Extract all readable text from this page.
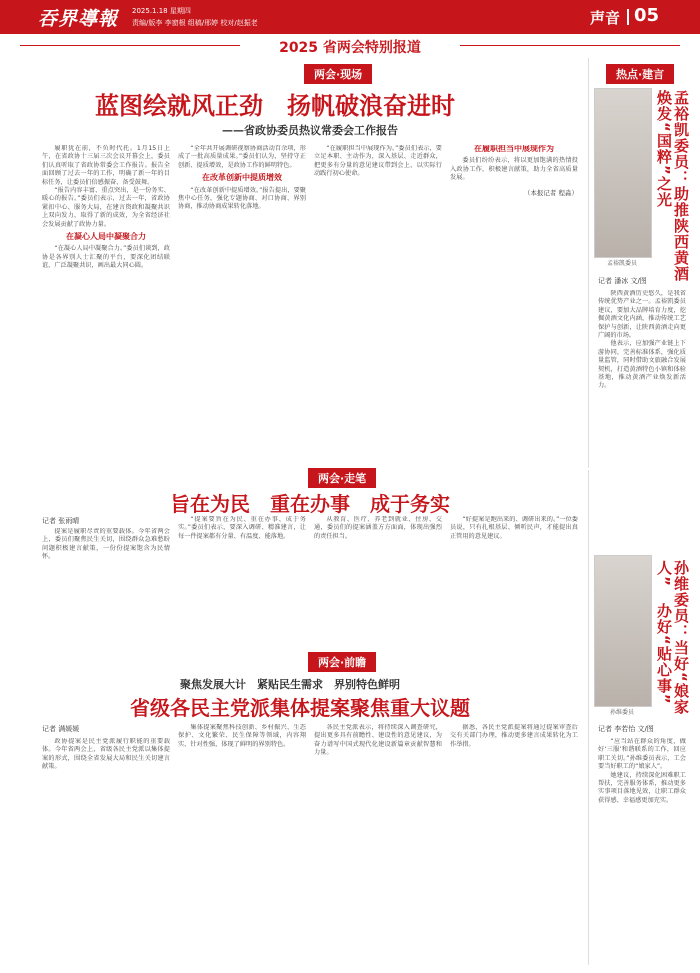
吞界導報 2025.1.18 星期四
责编/版李 李窗根 组稿/邢婷 校对/赵振老	声音 05
2025 省两会特别报道
两会·现场
蓝图绘就风正劲　扬帆破浪奋进时
——省政协委员热议常委会工作报告

履职犹在前，不负时代托。1月15日上午，在省政协十三届三次会议开幕会上，委员们认真听取了省政协常委会工作报告。报告全面回顾了过去一年的工作，明确了新一年的目标任务，让委员们倍感振奋、备受鼓舞。

“报告内容丰富、重点突出，是一份务实、暖心的报告。”委员们表示，过去一年，省政协紧扣中心、服务大局，在建言资政和凝聚共识上双向发力，取得了新的成效，为全省经济社会发展贡献了政协力量。

在凝心人局中凝聚合力

“在凝心人局中凝聚合力。”委员们谈到，政协是各界别人士汇聚的平台，要深化团结联谊，广泛凝聚共识，画出最大同心圆。

“全年共开展调研视察协商活动百余项，形成了一批高质量成果。”委员们认为，坚持守正创新、提质增效，是政协工作的鲜明特色。

在改革创新中提质增效

“在改革创新中提质增效。”报告提出，要聚焦中心任务，强化专题协商、对口协商、界别协商，推动协商成果转化落地。

“在履职担当中展现作为。”委员们表示，要立足本职、主动作为，深入基层、走近群众，把更多有分量的意见建议带到会上，以实际行动践行初心使命。

在履职担当中展现作为

委员们纷纷表示，将以更加饱满的热情投入政协工作，积极建言献策，助力全省高质量发展。

（本报记者 程淼）
热点·建言
孟裕凯委员	孟裕凯委员：助推陕西黄酒焕发“国粹”之光
记者 潘冰 文/图

陕西黄酒历史悠久，是我省传统优势产业之一。孟裕凯委员建议，要加大品牌培育力度，挖掘黄酒文化内涵，推动传统工艺保护与创新，让陕西黄酒走向更广阔的市场。

他表示，应加强产业链上下游协同，完善标准体系，强化质量监管，同时借助文旅融合发展契机，打造黄酒特色小镇和体验基地，推动黄酒产业焕发新活力。

两会·走笔
旨在为民　重在办事　成于务实
记者 张雨晴

提案是履职尽责的重要载体。今年省两会上，委员们聚焦民生关切，围绕群众急难愁盼问题积极建言献策，一份份提案饱含为民情怀。

“提案要旨在为民、重在办事、成于务实。”委员们表示，要深入调研、精准建言，让每一件提案都有分量、有温度、能落地。

从教育、医疗、养老到就业、住房、交通，委员们的提案涵盖方方面面，体现出强烈的责任担当。

“好提案是跑出来的、调研出来的。”一位委员说，只有扎根基层、倾听民声，才能提出真正管用的意见建议。

两会·前瞻
聚焦发展大计　紧贴民生需求　界别特色鲜明
省级各民主党派集体提案聚焦重大议题
记者 满媛媛

政协提案是民主党派履行职能的重要载体。今年省两会上，省级各民主党派以集体提案的形式，围绕全省发展大局和民生关切建言献策。

集体提案聚焦科技创新、乡村振兴、生态保护、文化繁荣、民生保障等领域，内容翔实、针对性强，体现了鲜明的界别特色。

各民主党派表示，将持续深入调查研究，提出更多具有前瞻性、建设性的意见建议，为奋力谱写中国式现代化建设新篇章贡献智慧和力量。

据悉，各民主党派提案将通过提案审查后交有关部门办理，推动更多建言成果转化为工作举措。

孙维委员	孙维委员：当好“娘家人”　办好“贴心事”
记者 李若怡 文/图

“应当站在群众的角度，做好‘三服’和谐联系的工作，回应职工关切。”孙维委员表示，工会要当好职工的“娘家人”。

她建议，持续深化困难职工帮扶，完善服务体系，推动更多实事项目落地见效，让职工群众获得感、幸福感更加充实。
